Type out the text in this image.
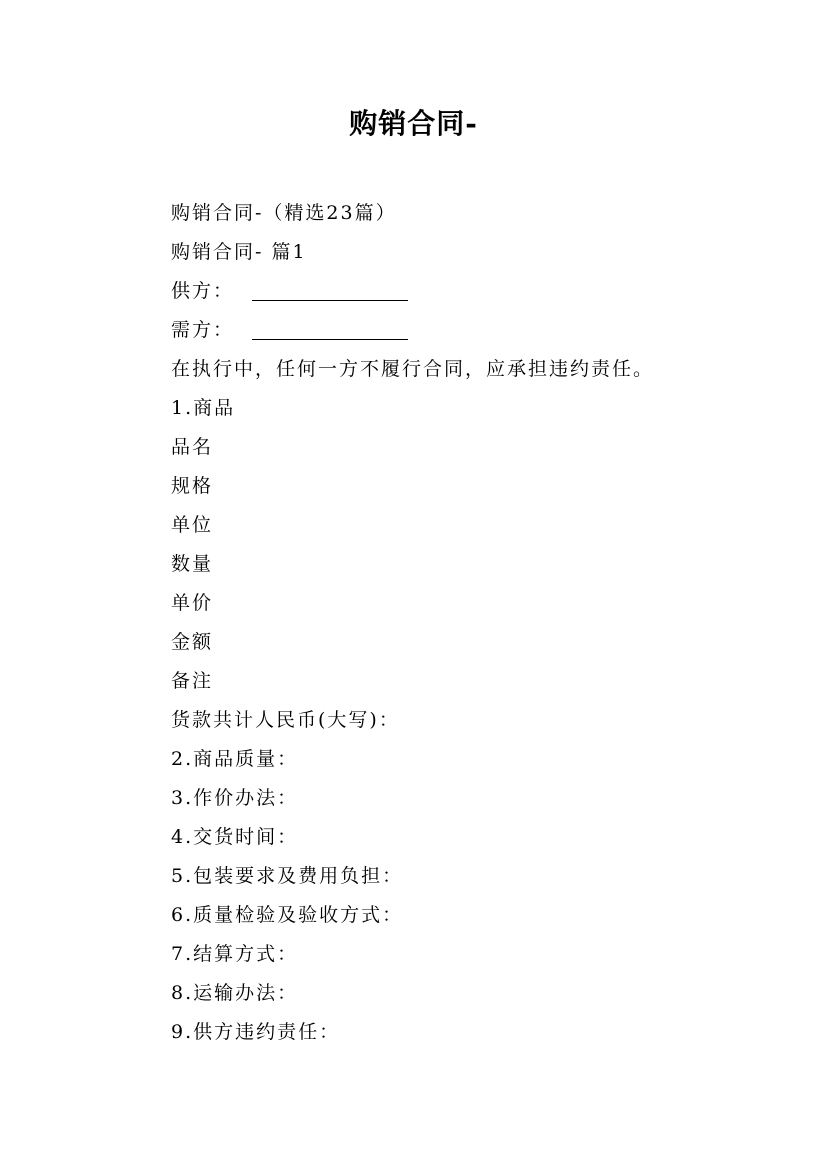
购销合同-
购销合同-（精选23篇）
购销合同- 篇1
供方：
需方：
在执行中，任何一方不履行合同，应承担违约责任。
1.商品
品名
规格
单位
数量
单价
金额
备注
货款共计人民币(大写)：
2.商品质量：
3.作价办法：
4.交货时间：
5.包装要求及费用负担：
6.质量检验及验收方式：
7.结算方式：
8.运输办法：
9.供方违约责任：
